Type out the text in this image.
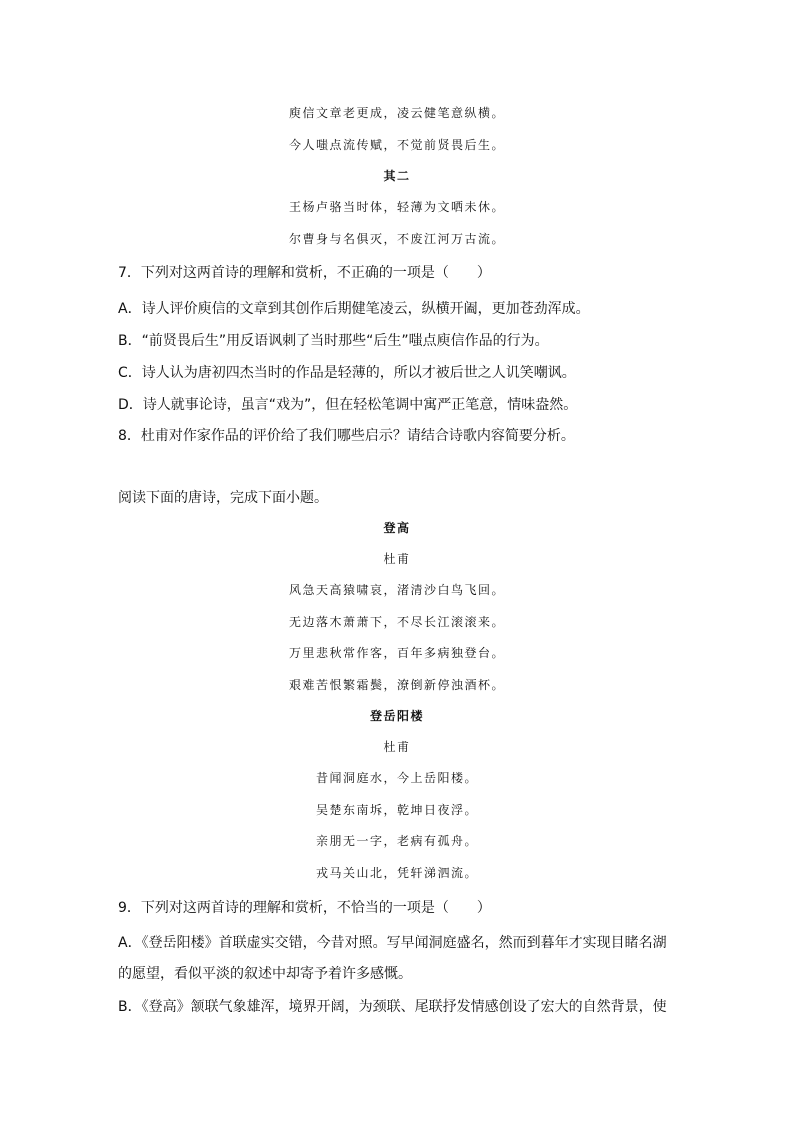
庾信文章老更成，凌云健笔意纵横。
今人嗤点流传赋，不觉前贤畏后生。
其二
王杨卢骆当时体，轻薄为文哂未休。
尔曹身与名俱灭，不废江河万古流。
7．下列对这两首诗的理解和赏析，不正确的一项是（　　）
A．诗人评价庾信的文章到其创作后期健笔凌云，纵横开阖，更加苍劲浑成。
B．“前贤畏后生”用反语讽刺了当时那些“后生”嗤点庾信作品的行为。
C．诗人认为唐初四杰当时的作品是轻薄的，所以才被后世之人讥笑嘲讽。
D．诗人就事论诗，虽言“戏为”，但在轻松笔调中寓严正笔意，情味盎然。
8．杜甫对作家作品的评价给了我们哪些启示？请结合诗歌内容简要分析。
阅读下面的唐诗，完成下面小题。
登高
杜甫
风急天高猿啸哀，渚清沙白鸟飞回。
无边落木萧萧下，不尽长江滚滚来。
万里悲秋常作客，百年多病独登台。
艰难苦恨繁霜鬓，潦倒新停浊酒杯。
登岳阳楼
杜甫
昔闻洞庭水，今上岳阳楼。
吴楚东南坼，乾坤日夜浮。
亲朋无一字，老病有孤舟。
戎马关山北，凭轩涕泗流。
9．下列对这两首诗的理解和赏析，不恰当的一项是（　　）
A．《登岳阳楼》首联虚实交错，今昔对照。写早闻洞庭盛名，然而到暮年才实现目睹名湖的愿望，看似平淡的叙述中却寄予着许多感慨。
B．《登高》颔联气象雄浑，境界开阔，为颈联、尾联抒发情感创设了宏大的自然背景，使
